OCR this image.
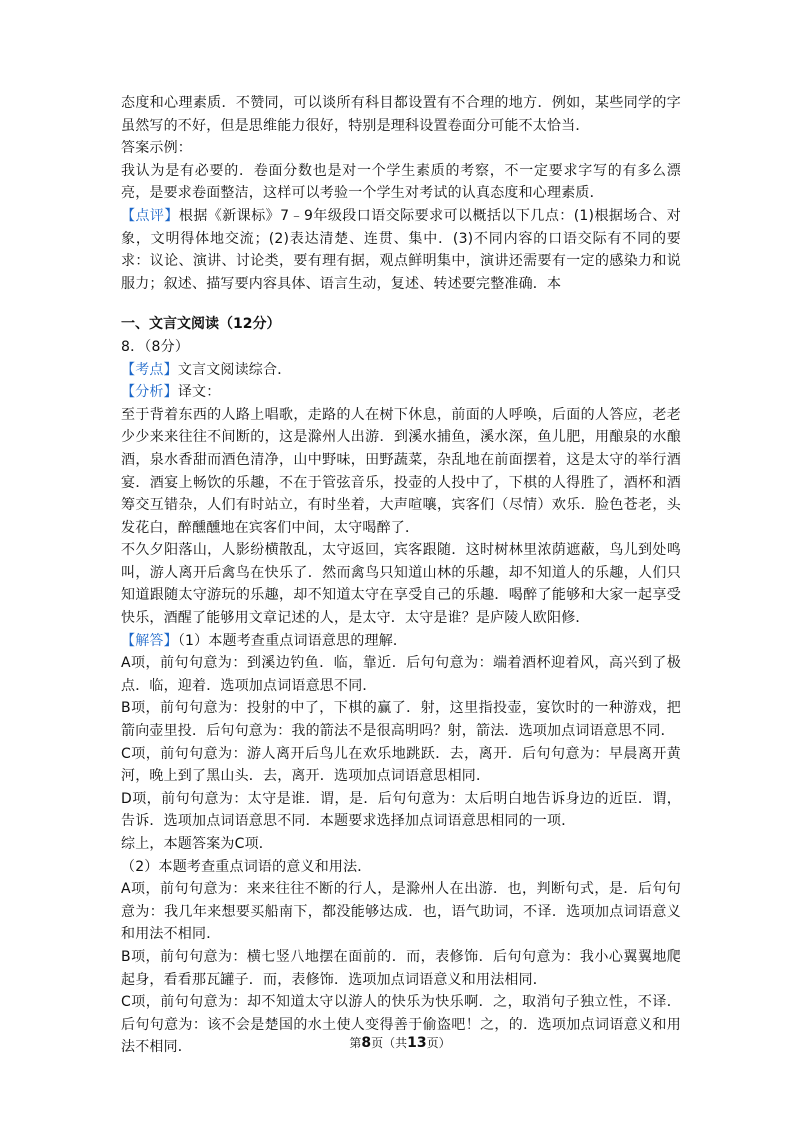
态度和心理素质．不赞同，可以谈所有科目都设置有不合理的地方．例如，某些同学的字虽然写的不好，但是思维能力很好，特别是理科设置卷面分可能不太恰当．

答案示例：

我认为是有必要的．卷面分数也是对一个学生素质的考察，不一定要求字写的有多么漂亮，是要求卷面整洁，这样可以考验一个学生对考试的认真态度和心理素质．

【点评】根据《新课标》7﹣9年级段口语交际要求可以概括以下几点：(1)根据场合、对象，文明得体地交流；(2)表达清楚、连贯、集中．(3)不同内容的口语交际有不同的要求：议论、演讲、讨论类，要有理有据，观点鲜明集中，演讲还需要有一定的感染力和说服力；叙述、描写要内容具体、语言生动，复述、转述要完整准确．本

一、文言文阅读（12分）

8．（8分）

【考点】文言文阅读综合．

【分析】译文：

至于背着东西的人路上唱歌，走路的人在树下休息，前面的人呼唤，后面的人答应，老老少少来来往往不间断的，这是滁州人出游．到溪水捕鱼，溪水深，鱼儿肥，用酿泉的水酿酒，泉水香甜而酒色清净，山中野味，田野蔬菜，杂乱地在前面摆着，这是太守的举行酒宴．酒宴上畅饮的乐趣，不在于管弦音乐，投壶的人投中了，下棋的人得胜了，酒杯和酒筹交互错杂，人们有时站立，有时坐着，大声喧嚷，宾客们（尽情）欢乐．脸色苍老，头发花白，醉醺醺地在宾客们中间，太守喝醉了．

不久夕阳落山，人影纷横散乱，太守返回，宾客跟随．这时树林里浓荫遮蔽，鸟儿到处鸣叫，游人离开后禽鸟在快乐了．然而禽鸟只知道山林的乐趣，却不知道人的乐趣，人们只知道跟随太守游玩的乐趣，却不知道太守在享受自己的乐趣．喝醉了能够和大家一起享受快乐，酒醒了能够用文章记述的人，是太守．太守是谁？是庐陵人欧阳修．

【解答】（1）本题考查重点词语意思的理解．

A项，前句句意为：到溪边钓鱼．临，靠近．后句句意为：端着酒杯迎着风，高兴到了极点．临，迎着．选项加点词语意思不同．

B项，前句句意为：投射的中了，下棋的赢了．射，这里指投壶，宴饮时的一种游戏，把箭向壶里投．后句句意为：我的箭法不是很高明吗？射，箭法．选项加点词语意思不同．

C项，前句句意为：游人离开后鸟儿在欢乐地跳跃．去，离开．后句句意为：早晨离开黄河，晚上到了黑山头．去，离开．选项加点词语意思相同．

D项，前句句意为：太守是谁．谓，是．后句句意为：太后明白地告诉身边的近臣．谓，告诉．选项加点词语意思不同．本题要求选择加点词语意思相同的一项．

综上，本题答案为C项．

（2）本题考查重点词语的意义和用法．

A项，前句句意为：来来往往不断的行人，是滁州人在出游．也，判断句式，是．后句句意为：我几年来想要买船南下，都没能够达成．也，语气助词，不译．选项加点词语意义和用法不相同．

B项，前句句意为：横七竖八地摆在面前的．而，表修饰．后句句意为：我小心翼翼地爬起身，看看那瓦罐子．而，表修饰．选项加点词语意义和用法相同．

C项，前句句意为：却不知道太守以游人的快乐为快乐啊．之，取消句子独立性，不译．后句句意为：该不会是楚国的水土使人变得善于偷盗吧！之，的．选项加点词语意义和用法不相同．	第8页（共13页）
